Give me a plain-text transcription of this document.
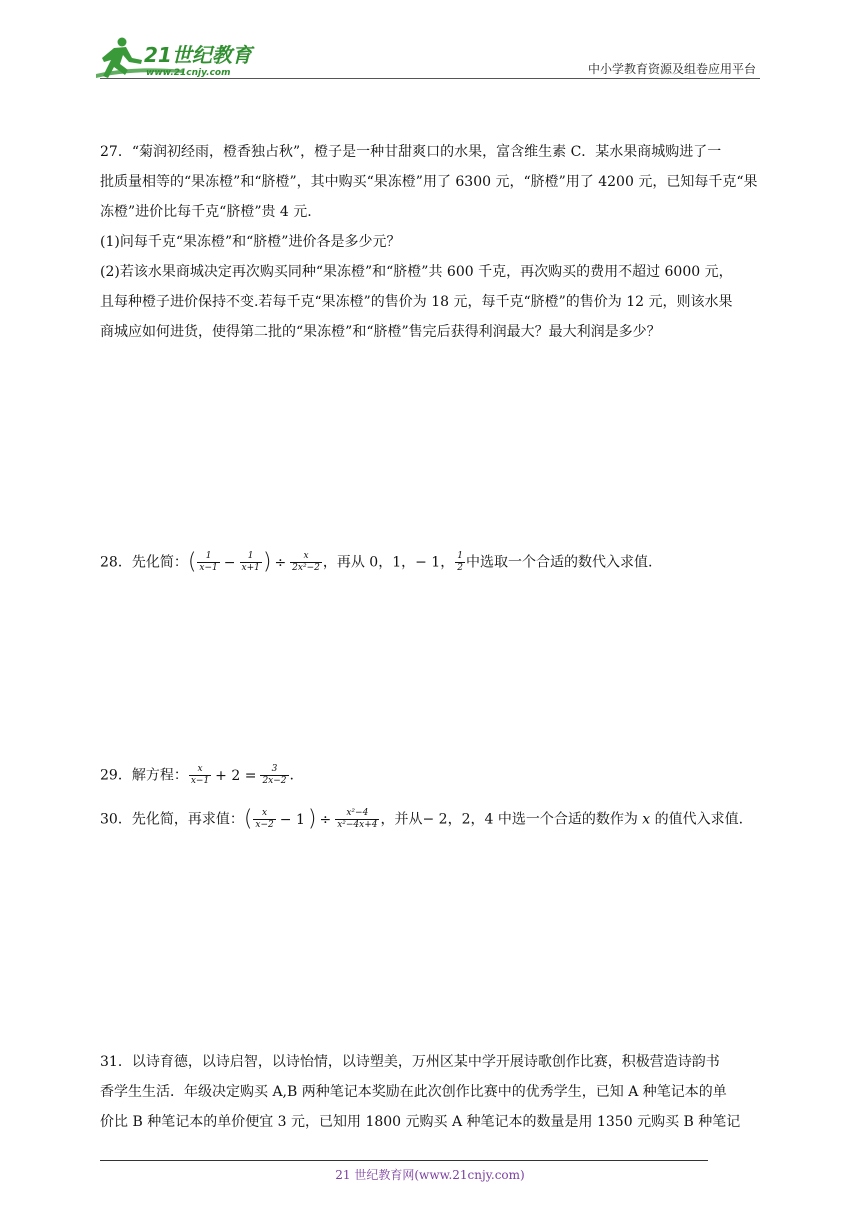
21世纪教育
www.21cnjy.com	中小学教育资源及组卷应用平台
27．“菊润初经雨，橙香独占秋”，橙子是一种甘甜爽口的水果，富含维生素 C．某水果商城购进了一
批质量相等的“果冻橙”和“脐橙”，其中购买“果冻橙”用了 6300 元，“脐橙”用了 4200 元，已知每千克“果
冻橙”进价比每千克“脐橙”贵 4 元.
(1)问每千克“果冻橙”和“脐橙”进价各是多少元？
(2)若该水果商城决定再次购买同种“果冻橙”和“脐橙”共 600 千克，再次购买的费用不超过 6000 元，
且每种橙子进价保持不变.若每千克“果冻橙”的售价为 18 元，每千克“脐橙”的售价为 12 元，则该水果
商城应如何进货，使得第二批的“果冻橙”和“脐橙”售完后获得利润最大？最大利润是多少？
28．先化简：( $\frac{1}{x-1} - \frac{1}{x+1}$ ) ÷ $\frac{x}{\text{2x²−2}}$ ，再从 0，1，− 1， $\frac{1}{2}$ 中选取一个合适的数代入求值.
29．解方程： $\frac{x}{x-1} + 2 = \frac{3}{2x-2}$ .
30．先化简，再求值：( $\frac{x}{x-2} - 1$ ) ÷ $\frac{\text{x²−4}}{\text{x²−4x+4}}$ ，并从− 2，2，4 中选一个合适的数作为 x 的值代入求值.
31．以诗育德，以诗启智，以诗怡情，以诗塑美，万州区某中学开展诗歌创作比赛，积极营造诗韵书
香学生生活．年级决定购买 A,B 两种笔记本奖励在此次创作比赛中的优秀学生，已知 A 种笔记本的单
价比 B 种笔记本的单价便宜 3 元，已知用 1800 元购买 A 种笔记本的数量是用 1350 元购买 B 种笔记
21 世纪教育网(www.21cnjy.com)
